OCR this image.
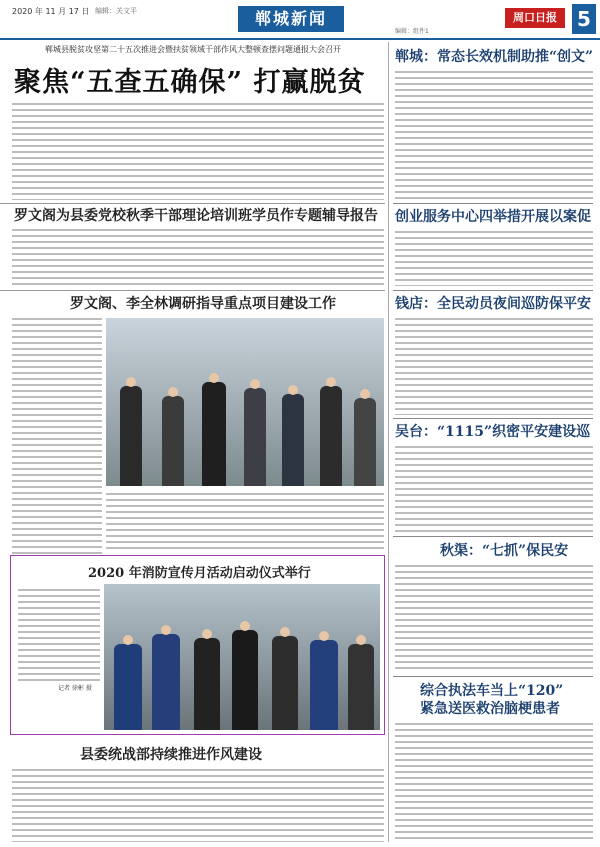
2020 年 11 月 17 日 编辑：关文平	郸城新闻
编辑：组件1
周口日报	5
郸城县脱贫攻坚第二十五次推进会暨扶贫领域干部作风大整顿查摆问题通报大会召开
聚焦“五查五确保” 打赢脱贫
罗文阁为县委党校秋季干部理论培训班学员作专题辅导报告
罗文阁、李全林调研指导重点项目建设工作
2020 年消防宣传月活动启动仪式举行
记者 徐彬 摄
县委统战部持续推进作风建设
郸城：常态长效机制助推“创文”
创业服务中心四举措开展以案促
钱店：全民动员夜间巡防保平安
吴台：“1115”织密平安建设巡
秋渠：“七抓”保民安
综合执法车当上“120”
紧急送医救治脑梗患者
